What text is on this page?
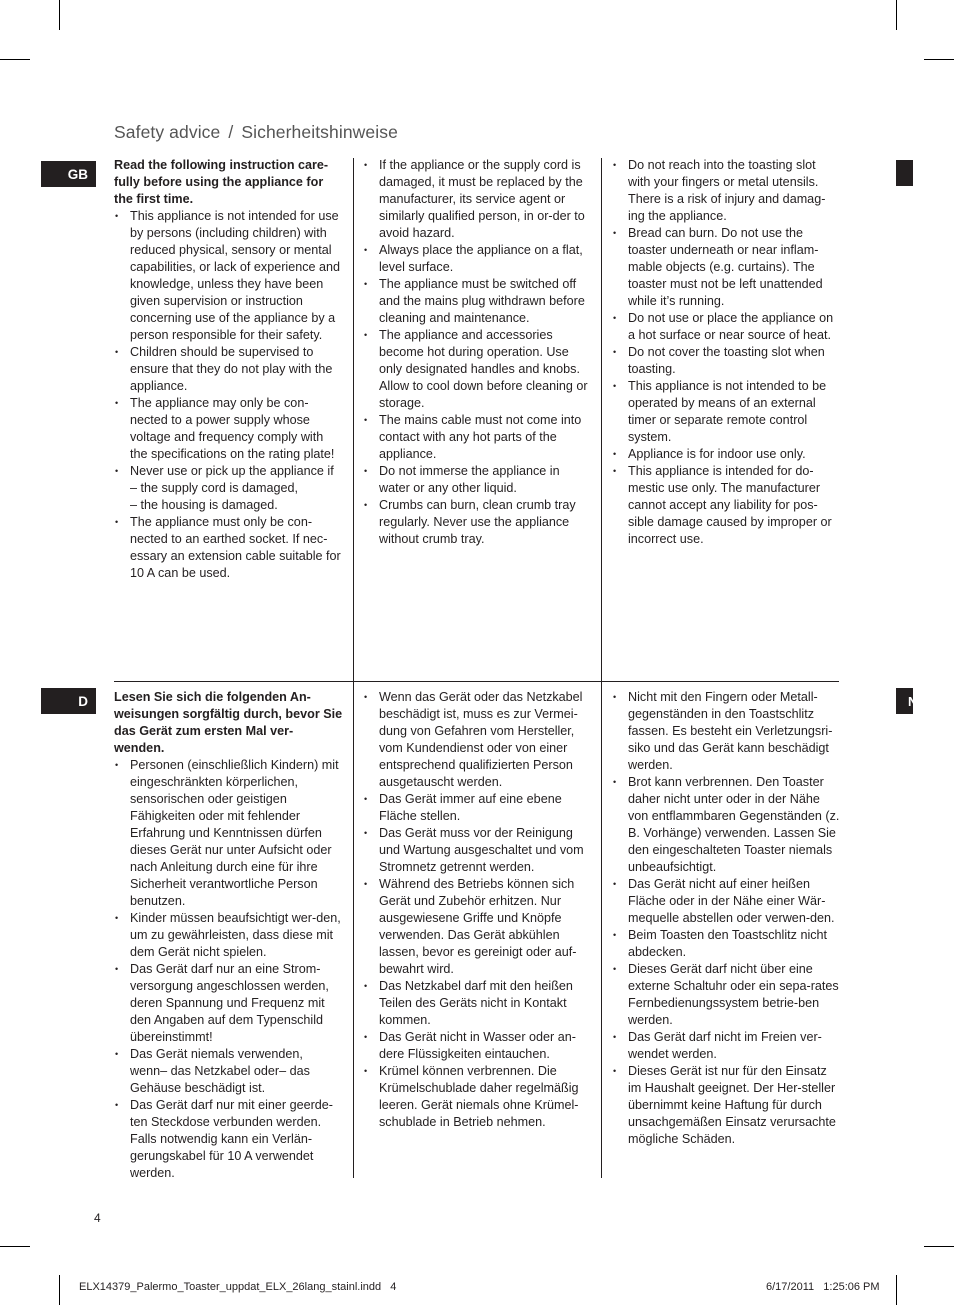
Safety advice / Sicherheitshinweise
GB
D	N

Read the following instruction care-fully before using the appliance for the first time.

• This appliance is not intended for use by persons (including children) with reduced physical, sensory or mental capabilities, or lack of experience and knowledge, unless they have been given supervision or instruction concerning use of the appliance by a person responsible for their safety.
• Children should be supervised to ensure that they do not play with the appliance.
• The appliance may only be con-nected to a power supply whose voltage and frequency comply with the specifications on the rating plate!
• Never use or pick up the appliance if
– the supply cord is damaged,
– the housing is damaged.
• The appliance must only be con-nected to an earthed socket. If nec-essary an extension cable suitable for 10 A can be used.
• If the appliance or the supply cord is damaged, it must be replaced by the manufacturer, its service agent or similarly qualified person, in or-der to avoid hazard.
• Always place the appliance on a flat, level surface.
• The appliance must be switched off and the mains plug withdrawn before cleaning and maintenance.
• The appliance and accessories become hot during operation. Use only designated handles and knobs. Allow to cool down before cleaning or storage.
• The mains cable must not come into contact with any hot parts of the appliance.
• Do not immerse the appliance in water or any other liquid.
• Crumbs can burn, clean crumb tray regularly. Never use the appliance without crumb tray.
• Do not reach into the toasting slot with your fingers or metal utensils. There is a risk of injury and damag-ing the appliance.
• Bread can burn. Do not use the toaster underneath or near inflam-mable objects (e.g. curtains). The toaster must not be left unattended while it’s running.
• Do not use or place the appliance on a hot surface or near source of heat.
• Do not cover the toasting slot when toasting.
• This appliance is not intended to be operated by means of an external timer or separate remote control system.
• Appliance is for indoor use only.
• This appliance is intended for do-mestic use only. The manufacturer cannot accept any liability for pos-sible damage caused by improper or incorrect use.

Lesen Sie sich die folgenden An-weisungen sorgfältig durch, bevor Sie das Gerät zum ersten Mal ver-wenden.

• Personen (einschließlich Kindern) mit eingeschränkten körperlichen, sensorischen oder geistigen Fähigkeiten oder mit fehlender Erfahrung und Kenntnissen dürfen dieses Gerät nur unter Aufsicht oder nach Anleitung durch eine für ihre Sicherheit verantwortliche Person benutzen.
• Kinder müssen beaufsichtigt wer-den, um zu gewährleisten, dass diese mit dem Gerät nicht spielen.
• Das Gerät darf nur an eine Strom-versorgung angeschlossen werden, deren Spannung und Frequenz mit den Angaben auf dem Typenschild übereinstimmt!
• Das Gerät niemals verwenden, wenn– das Netzkabel oder– das Gehäuse beschädigt ist.
• Das Gerät darf nur mit einer geerde-ten Steckdose verbunden werden. Falls notwendig kann ein Verlän-gerungskabel für 10 A verwendet werden.
• Wenn das Gerät oder das Netzkabel beschädigt ist, muss es zur Vermei-dung von Gefahren vom Hersteller, vom Kundendienst oder von einer entsprechend qualifizierten Person ausgetauscht werden.
• Das Gerät immer auf eine ebene Fläche stellen.
• Das Gerät muss vor der Reinigung und Wartung ausgeschaltet und vom Stromnetz getrennt werden.
• Während des Betriebs können sich Gerät und Zubehör erhitzen. Nur ausgewiesene Griffe und Knöpfe verwenden. Das Gerät abkühlen lassen, bevor es gereinigt oder auf-bewahrt wird.
• Das Netzkabel darf mit den heißen Teilen des Geräts nicht in Kontakt kommen.
• Das Gerät nicht in Wasser oder an-dere Flüssigkeiten eintauchen.
• Krümel können verbrennen. Die Krümelschublade daher regelmäßig leeren. Gerät niemals ohne Krümel-schublade in Betrieb nehmen.
• Nicht mit den Fingern oder Metall-gegenständen in den Toastschlitz fassen. Es besteht ein Verletzungsri-siko und das Gerät kann beschädigt werden.
• Brot kann verbrennen. Den Toaster daher nicht unter oder in der Nähe von entflammbaren Gegenständen (z. B. Vorhänge) verwenden. Lassen Sie den eingeschalteten Toaster niemals unbeaufsichtigt.
• Das Gerät nicht auf einer heißen Fläche oder in der Nähe einer Wär-mequelle abstellen oder verwen-den.
• Beim Toasten den Toastschlitz nicht abdecken.
• Dieses Gerät darf nicht über eine externe Schaltuhr oder ein sepa-rates Fernbedienungssystem betrie-ben werden.
• Das Gerät darf nicht im Freien ver-wendet werden.
• Dieses Gerät ist nur für den Einsatz im Haushalt geeignet. Der Her-steller übernimmt keine Haftung für durch unsachgemäßen Einsatz verursachte mögliche Schäden.
4
ELX14379_Palermo_Toaster_uppdat_ELX_26lang_stainl.indd   4	6/17/2011   1:25:06 PM
